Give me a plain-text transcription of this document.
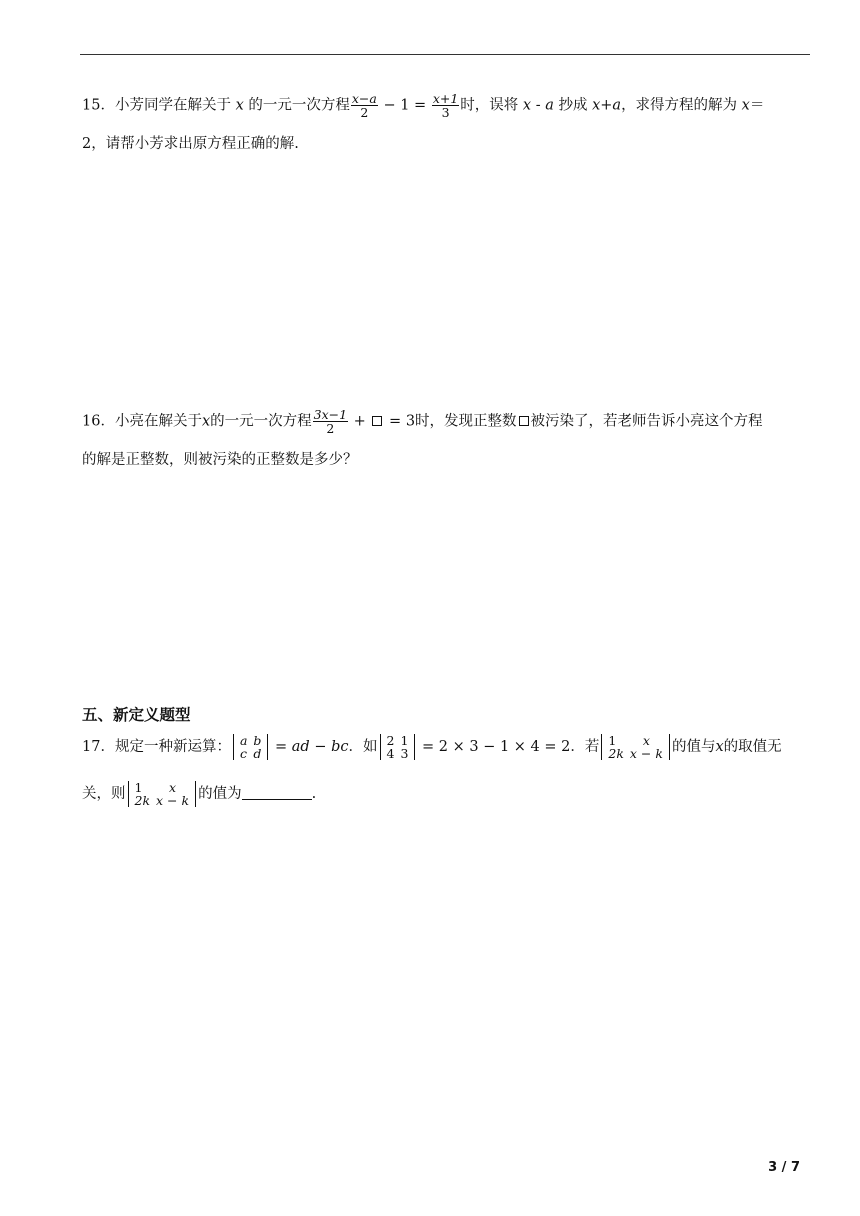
15．小芳同学在解关于 x 的一元一次方程 $\frac{x-a}{2} - 1 = \frac{x+1}{3}$ 时，误将 x - a 抄成 x+a，求得方程的解为 x＝
2，请帮小芳求出原方程正确的解.
16．小亮在解关于x的一元一次方程 $\frac{3x-1}{2}$ +  = 3时，发现正整数 被污染了，若老师告诉小亮这个方程
的解是正整数，则被污染的正整数是多少？
五、新定义题型
17．规定一种新运算： a	b
c	d = ad − bc．如 2	1
4	3 = 2 × 3 − 1 × 4 = 2．若 1	x
2k	x − k 的值与x的取值无
关，则 1	x
2k	x − k 的值为	.
3 / 7
